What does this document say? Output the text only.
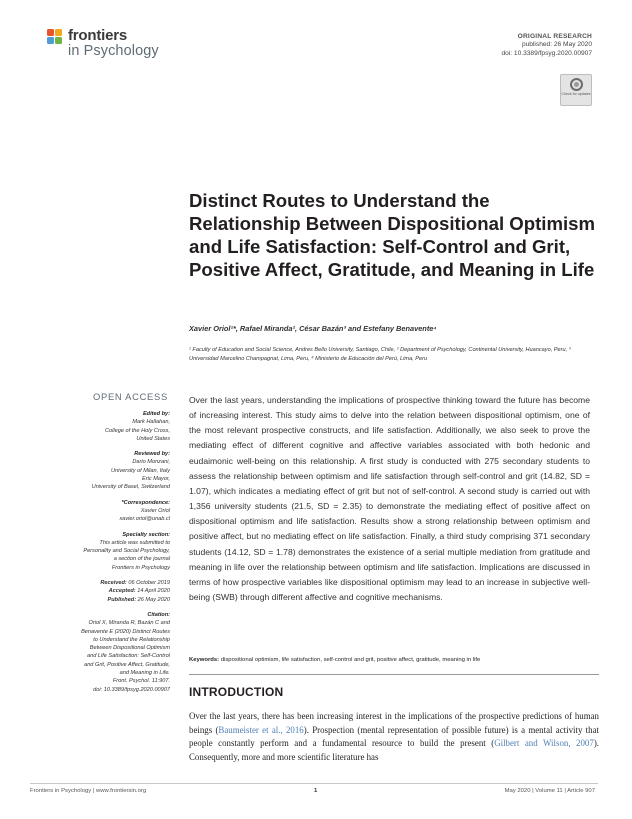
frontiers
in Psychology
ORIGINAL RESEARCH
published: 26 May 2020
doi: 10.3389/fpsyg.2020.00907
Check for updates
Distinct Routes to Understand the Relationship Between Dispositional Optimism and Life Satisfaction: Self-Control and Grit, Positive Affect, Gratitude, and Meaning in Life
Xavier Oriol¹*, Rafael Miranda², César Bazán³ and Estefany Benavente⁴
¹ Faculty of Education and Social Science, Andres Bello University, Santiago, Chile, ² Department of Psychology, Continental University, Huancayo, Peru, ³ Universidad Marcelino Champagnat, Lima, Peru, ⁴ Ministerio de Educación del Perú, Lima, Peru
OPEN ACCESS
Edited by:
Mark Hallahan,
College of the Holy Cross,
United States
Reviewed by:
Dario Monzani,
University of Milan, Italy
Eric Mayor,
University of Basel, Switzerland
*Correspondence:
Xavier Oriol
xavier.oriol@unab.cl
Specialty section:
This article was submitted to
Personality and Social Psychology,
a section of the journal
Frontiers in Psychology
Received: 06 October 2019
Accepted: 14 April 2020
Published: 26 May 2020
Citation:
Oriol X, Miranda R, Bazán C and
Benavente E (2020) Distinct Routes
to Understand the Relationship
Between Dispositional Optimism
and Life Satisfaction: Self-Control
and Grit, Positive Affect, Gratitude,
and Meaning in Life.
Front. Psychol. 11:907.
doi: 10.3389/fpsyg.2020.00907

Over the last years, understanding the implications of prospective thinking toward the future has become of increasing interest. This study aims to delve into the relation between dispositional optimism, one of the most relevant prospective constructs, and life satisfaction. Additionally, we also seek to prove the mediating effect of different cognitive and affective variables associated with both hedonic and eudaimonic well-being on this relationship. A first study is conducted with 275 secondary students to assess the relationship between optimism and life satisfaction through self-control and grit (14.82, SD = 1.07), which indicates a mediating effect of grit but not of self-control. A second study is carried out with 1,356 university students (21.5, SD = 2.35) to demonstrate the mediating effect of positive affect on dispositional optimism and life satisfaction. Results show a strong relationship between optimism and positive affect, but no mediating effect on life satisfaction. Finally, a third study comprising 371 secondary students (14.12, SD = 1.78) demonstrates the existence of a serial multiple mediation from gratitude and meaning in life over the relationship between optimism and life satisfaction. Implications are discussed in terms of how prospective variables like dispositional optimism may lead to an increase in subjective well-being (SWB) through different affective and cognitive mechanisms.

Keywords: dispositional optimism, life satisfaction, self-control and grit, positive affect, gratitude, meaning in life
INTRODUCTION

Over the last years, there has been increasing interest in the implications of the prospective predictions of human beings (Baumeister et al., 2016). Prospection (mental representation of possible future) is a mental activity that people constantly perform and a fundamental resource to build the present (Gilbert and Wilson, 2007). Consequently, more and more scientific literature has

Frontiers in Psychology | www.frontiersin.org	1	May 2020 | Volume 11 | Article 907
